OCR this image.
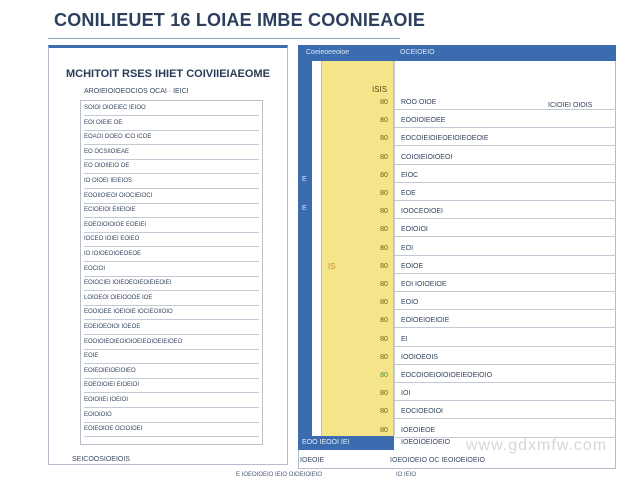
CONILIEUET 16 LOIAE IMBE COONIEAOIE
MCHITOIT RSES IHIET COIVIIEIAEOME
AROIEIOIOEOCIOS OCAI · IEICI
SOIOI OIOEIEC IEIOO
EOI OIEIE OE
EOAOI OOEO ICO ICOE
EO OCSIIOIEAE
EO OIOIIEIO OE
IO OIOEI IEIEIOS
EOOIIOIEOI OIOCIEIOCI
ECIOEIOI EIIEIOIE
EOEOIOIOIOE EOEIEI
IOCEO IOIEI EOIEO
IO IOIOEOIOEOEOE
EOCIOI
EOIOCIEI IOIEOEOIEOIEIEOIEI
LOIOEOI OIEIOOOE IOE
EOOIOEE IOEIOIE IOCIEOIIOIO
EOEIOEOIOI IOEOE
EOOIOIEOIEOIOIOEIEOIOEIEIOEO
EOIE
EOIEOIEIOEIOIEO
EOEOIOIEI EIOEIOI
EOIOIIEI IOEIOI
EOIOIOIO
EOIEOIOE OCIOIOEI
SEICOOSIOEIOIS
Coeieoeeoioe	OCEIOEIO
ISIS
ICIOIEI OIOIS
E
E
IS
80	ROO OIOE
80	EOOIOIEOEE
80	EOCOIEIOIEOEIOIEOEOIE
80	COIOIEIOIOEOI
80	EIOC
80	EOE
80	IOOCEOIOEI
80	EOIOIOI
80	EOI
80	EOIOE
80	EOI IOIOEIOE
80	EOIO
80	EOIOEIOEIOIE
80	EI
80	IOOIOEOIS
80	EOCOIOEIOIOIOEIEOEIOIO
80	IOI
80	EOCIOEOIOI
80	IOEOIEOE
EOO IEOOI IEI	IOEOIOEIOEIO
IOEOIE	IOEOIOEIO OC IEOIOEIOEIO
E IOEOIOEIO IEIO OIOEIOIEIO	IO IEIO
www.gdxmfw.com
